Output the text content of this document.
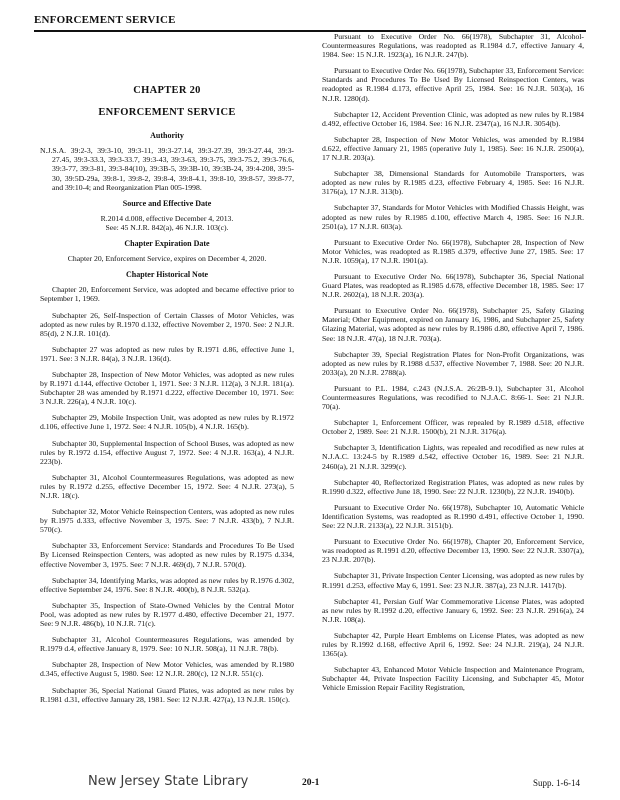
ENFORCEMENT SERVICE
CHAPTER 20
ENFORCEMENT SERVICE
Authority

N.J.S.A. 39:2-3, 39:3-10, 39:3-11, 39:3-27.14, 39:3-27.39, 39:3-27.44, 39:3-27.45, 39:3-33.3, 39:3-33.7, 39:3-43, 39:3-63, 39:3-75, 39:3-75.2, 39:3-76.6, 39:3-77, 39:3-81, 39:3-84(10), 39:3B-5, 39:3B-10, 39:3B-24, 39:4-208, 39:5-30, 39:5D-29a, 39:8-1, 39:8-2, 39:8-4, 39:8-4.1, 39:8-10, 39:8-57, 39:8-77, and 39:10-4; and Reorganization Plan 005-1998.

Source and Effective Date

R.2014 d.008, effective December 4, 2013.

See: 45 N.J.R. 842(a), 46 N.J.R. 103(c).

Chapter Expiration Date

Chapter 20, Enforcement Service, expires on December 4, 2020.

Chapter Historical Note

Chapter 20, Enforcement Service, was adopted and became effective prior to September 1, 1969.

Subchapter 26, Self-Inspection of Certain Classes of Motor Vehicles, was adopted as new rules by R.1970 d.132, effective November 2, 1970. See: 2 N.J.R. 85(d), 2 N.J.R. 101(d).

Subchapter 27 was adopted as new rules by R.1971 d.86, effective June 1, 1971. See: 3 N.J.R. 84(a), 3 N.J.R. 136(d).

Subchapter 28, Inspection of New Motor Vehicles, was adopted as new rules by R.1971 d.144, effective October 1, 1971. See: 3 N.J.R. 112(a), 3 N.J.R. 181(a). Subchapter 28 was amended by R.1971 d.222, effective December 10, 1971. See: 3 N.J.R. 226(a), 4 N.J.R. 10(c).

Subchapter 29, Mobile Inspection Unit, was adopted as new rules by R.1972 d.106, effective June 1, 1972. See: 4 N.J.R. 105(b), 4 N.J.R. 165(b).

Subchapter 30, Supplemental Inspection of School Buses, was adopted as new rules by R.1972 d.154, effective August 7, 1972. See: 4 N.J.R. 163(a), 4 N.J.R. 223(b).

Subchapter 31, Alcohol Countermeasures Regulations, was adopted as new rules by R.1972 d.255, effective December 15, 1972. See: 4 N.J.R. 273(a), 5 N.J.R. 18(c).

Subchapter 32, Motor Vehicle Reinspection Centers, was adopted as new rules by R.1975 d.333, effective November 3, 1975. See: 7 N.J.R. 433(b), 7 N.J.R. 570(c).

Subchapter 33, Enforcement Service: Standards and Procedures To Be Used By Licensed Reinspection Centers, was adopted as new rules by R.1975 d.334, effective November 3, 1975. See: 7 N.J.R. 469(d), 7 N.J.R. 570(d).

Subchapter 34, Identifying Marks, was adopted as new rules by R.1976 d.302, effective September 24, 1976. See: 8 N.J.R. 400(b), 8 N.J.R. 532(a).

Subchapter 35, Inspection of State-Owned Vehicles by the Central Motor Pool, was adopted as new rules by R.1977 d.480, effective December 21, 1977. See: 9 N.J.R. 486(b), 10 N.J.R. 71(c).

Subchapter 31, Alcohol Countermeasures Regulations, was amended by R.1979 d.4, effective January 8, 1979. See: 10 N.J.R. 508(a), 11 N.J.R. 78(b).

Subchapter 28, Inspection of New Motor Vehicles, was amended by R.1980 d.345, effective August 5, 1980. See: 12 N.J.R. 280(c), 12 N.J.R. 551(c).

Subchapter 36, Special National Guard Plates, was adopted as new rules by R.1981 d.31, effective January 28, 1981. See: 12 N.J.R. 427(a), 13 N.J.R. 150(c).

Pursuant to Executive Order No. 66(1978), Subchapter 31, Alcohol-Countermeasures Regulations, was readopted as R.1984 d.7, effective January 4, 1984. See: 15 N.J.R. 1923(a), 16 N.J.R. 247(b).

Pursuant to Executive Order No. 66(1978), Subchapter 33, Enforcement Service: Standards and Procedures To Be Used By Licensed Reinspection Centers, was readopted as R.1984 d.173, effective April 25, 1984. See: 16 N.J.R. 503(a), 16 N.J.R. 1280(d).

Subchapter 12, Accident Prevention Clinic, was adopted as new rules by R.1984 d.492, effective October 16, 1984. See: 16 N.J.R. 2347(a), 16 N.J.R. 3054(b).

Subchapter 28, Inspection of New Motor Vehicles, was amended by R.1984 d.622, effective January 21, 1985 (operative July 1, 1985). See: 16 N.J.R. 2500(a), 17 N.J.R. 203(a).

Subchapter 38, Dimensional Standards for Automobile Transporters, was adopted as new rules by R.1985 d.23, effective February 4, 1985. See: 16 N.J.R. 3176(a), 17 N.J.R. 313(b).

Subchapter 37, Standards for Motor Vehicles with Modified Chassis Height, was adopted as new rules by R.1985 d.100, effective March 4, 1985. See: 16 N.J.R. 2501(a), 17 N.J.R. 603(a).

Pursuant to Executive Order No. 66(1978), Subchapter 28, Inspection of New Motor Vehicles, was readopted as R.1985 d.379, effective June 27, 1985. See: 17 N.J.R. 1059(a), 17 N.J.R. 1901(a).

Pursuant to Executive Order No. 66(1978), Subchapter 36, Special National Guard Plates, was readopted as R.1985 d.678, effective December 18, 1985. See: 17 N.J.R. 2602(a), 18 N.J.R. 203(a).

Pursuant to Executive Order No. 66(1978), Subchapter 25, Safety Glazing Material; Other Equipment, expired on January 16, 1986, and Subchapter 25, Safety Glazing Material, was adopted as new rules by R.1986 d.80, effective April 7, 1986. See: 18 N.J.R. 47(a), 18 N.J.R. 703(a).

Subchapter 39, Special Registration Plates for Non-Profit Organizations, was adopted as new rules by R.1988 d.537, effective November 7, 1988. See: 20 N.J.R. 2033(a), 20 N.J.R. 2788(a).

Pursuant to P.L. 1984, c.243 (N.J.S.A. 26:2B-9.1), Subchapter 31, Alcohol Countermeasures Regulations, was recodified to N.J.A.C. 8:66-1. See: 21 N.J.R. 70(a).

Subchapter 1, Enforcement Officer, was repealed by R.1989 d.518, effective October 2, 1989. See: 21 N.J.R. 1500(b), 21 N.J.R. 3176(a).

Subchapter 3, Identification Lights, was repealed and recodified as new rules at N.J.A.C. 13:24-5 by R.1989 d.542, effective October 16, 1989. See: 21 N.J.R. 2460(a), 21 N.J.R. 3299(c).

Subchapter 40, Reflectorized Registration Plates, was adopted as new rules by R.1990 d.322, effective June 18, 1990. See: 22 N.J.R. 1230(b), 22 N.J.R. 1940(b).

Pursuant to Executive Order No. 66(1978), Subchapter 10, Automatic Vehicle Identification Systems, was readopted as R.1990 d.491, effective October 1, 1990. See: 22 N.J.R. 2133(a), 22 N.J.R. 3151(b).

Pursuant to Executive Order No. 66(1978), Chapter 20, Enforcement Service, was readopted as R.1991 d.20, effective December 13, 1990. See: 22 N.J.R. 3307(a), 23 N.J.R. 207(b).

Subchapter 31, Private Inspection Center Licensing, was adopted as new rules by R.1991 d.253, effective May 6, 1991. See: 23 N.J.R. 387(a), 23 N.J.R. 1417(b).

Subchapter 41, Persian Gulf War Commemorative License Plates, was adopted as new rules by R.1992 d.20, effective January 6, 1992. See: 23 N.J.R. 2916(a), 24 N.J.R. 108(a).

Subchapter 42, Purple Heart Emblems on License Plates, was adopted as new rules by R.1992 d.168, effective April 6, 1992. See: 24 N.J.R. 219(a), 24 N.J.R. 1365(a).

Subchapter 43, Enhanced Motor Vehicle Inspection and Maintenance Program, Subchapter 44, Private Inspection Facility Licensing, and Subchapter 45, Motor Vehicle Emission Repair Facility Registration,

New Jersey State Library	20-1	Supp. 1-6-14
